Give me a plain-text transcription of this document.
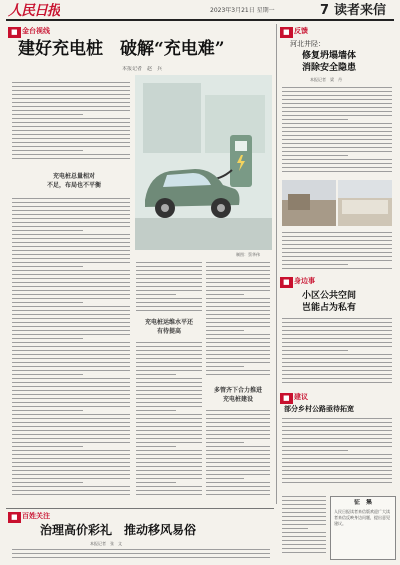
人民日报	2023年3月21日 星期一	7 读者来信
■ 金台视线
建好充电桩　破解“充电难”
本报记者　赵　兵
制图：蔡华伟
充电桩总量相对
不足，布局也不平衡
充电桩运维水平还
有待提高
多管齐下合力推进
充电桩建设
■ 反馈
河北井陉：
修复坍塌墙体
消除安全隐患
本报记者　梁　丹
■ 身边事
小区公共空间
岂能占为私有
■ 建议
部分乡村公路亟待拓宽
征　集
人民日报读者来信版欢迎广大读者来信反映身边问题，提出意见建议。
■ 百姓关注
治理高价彩礼　推动移风易俗
本报记者　张　文
